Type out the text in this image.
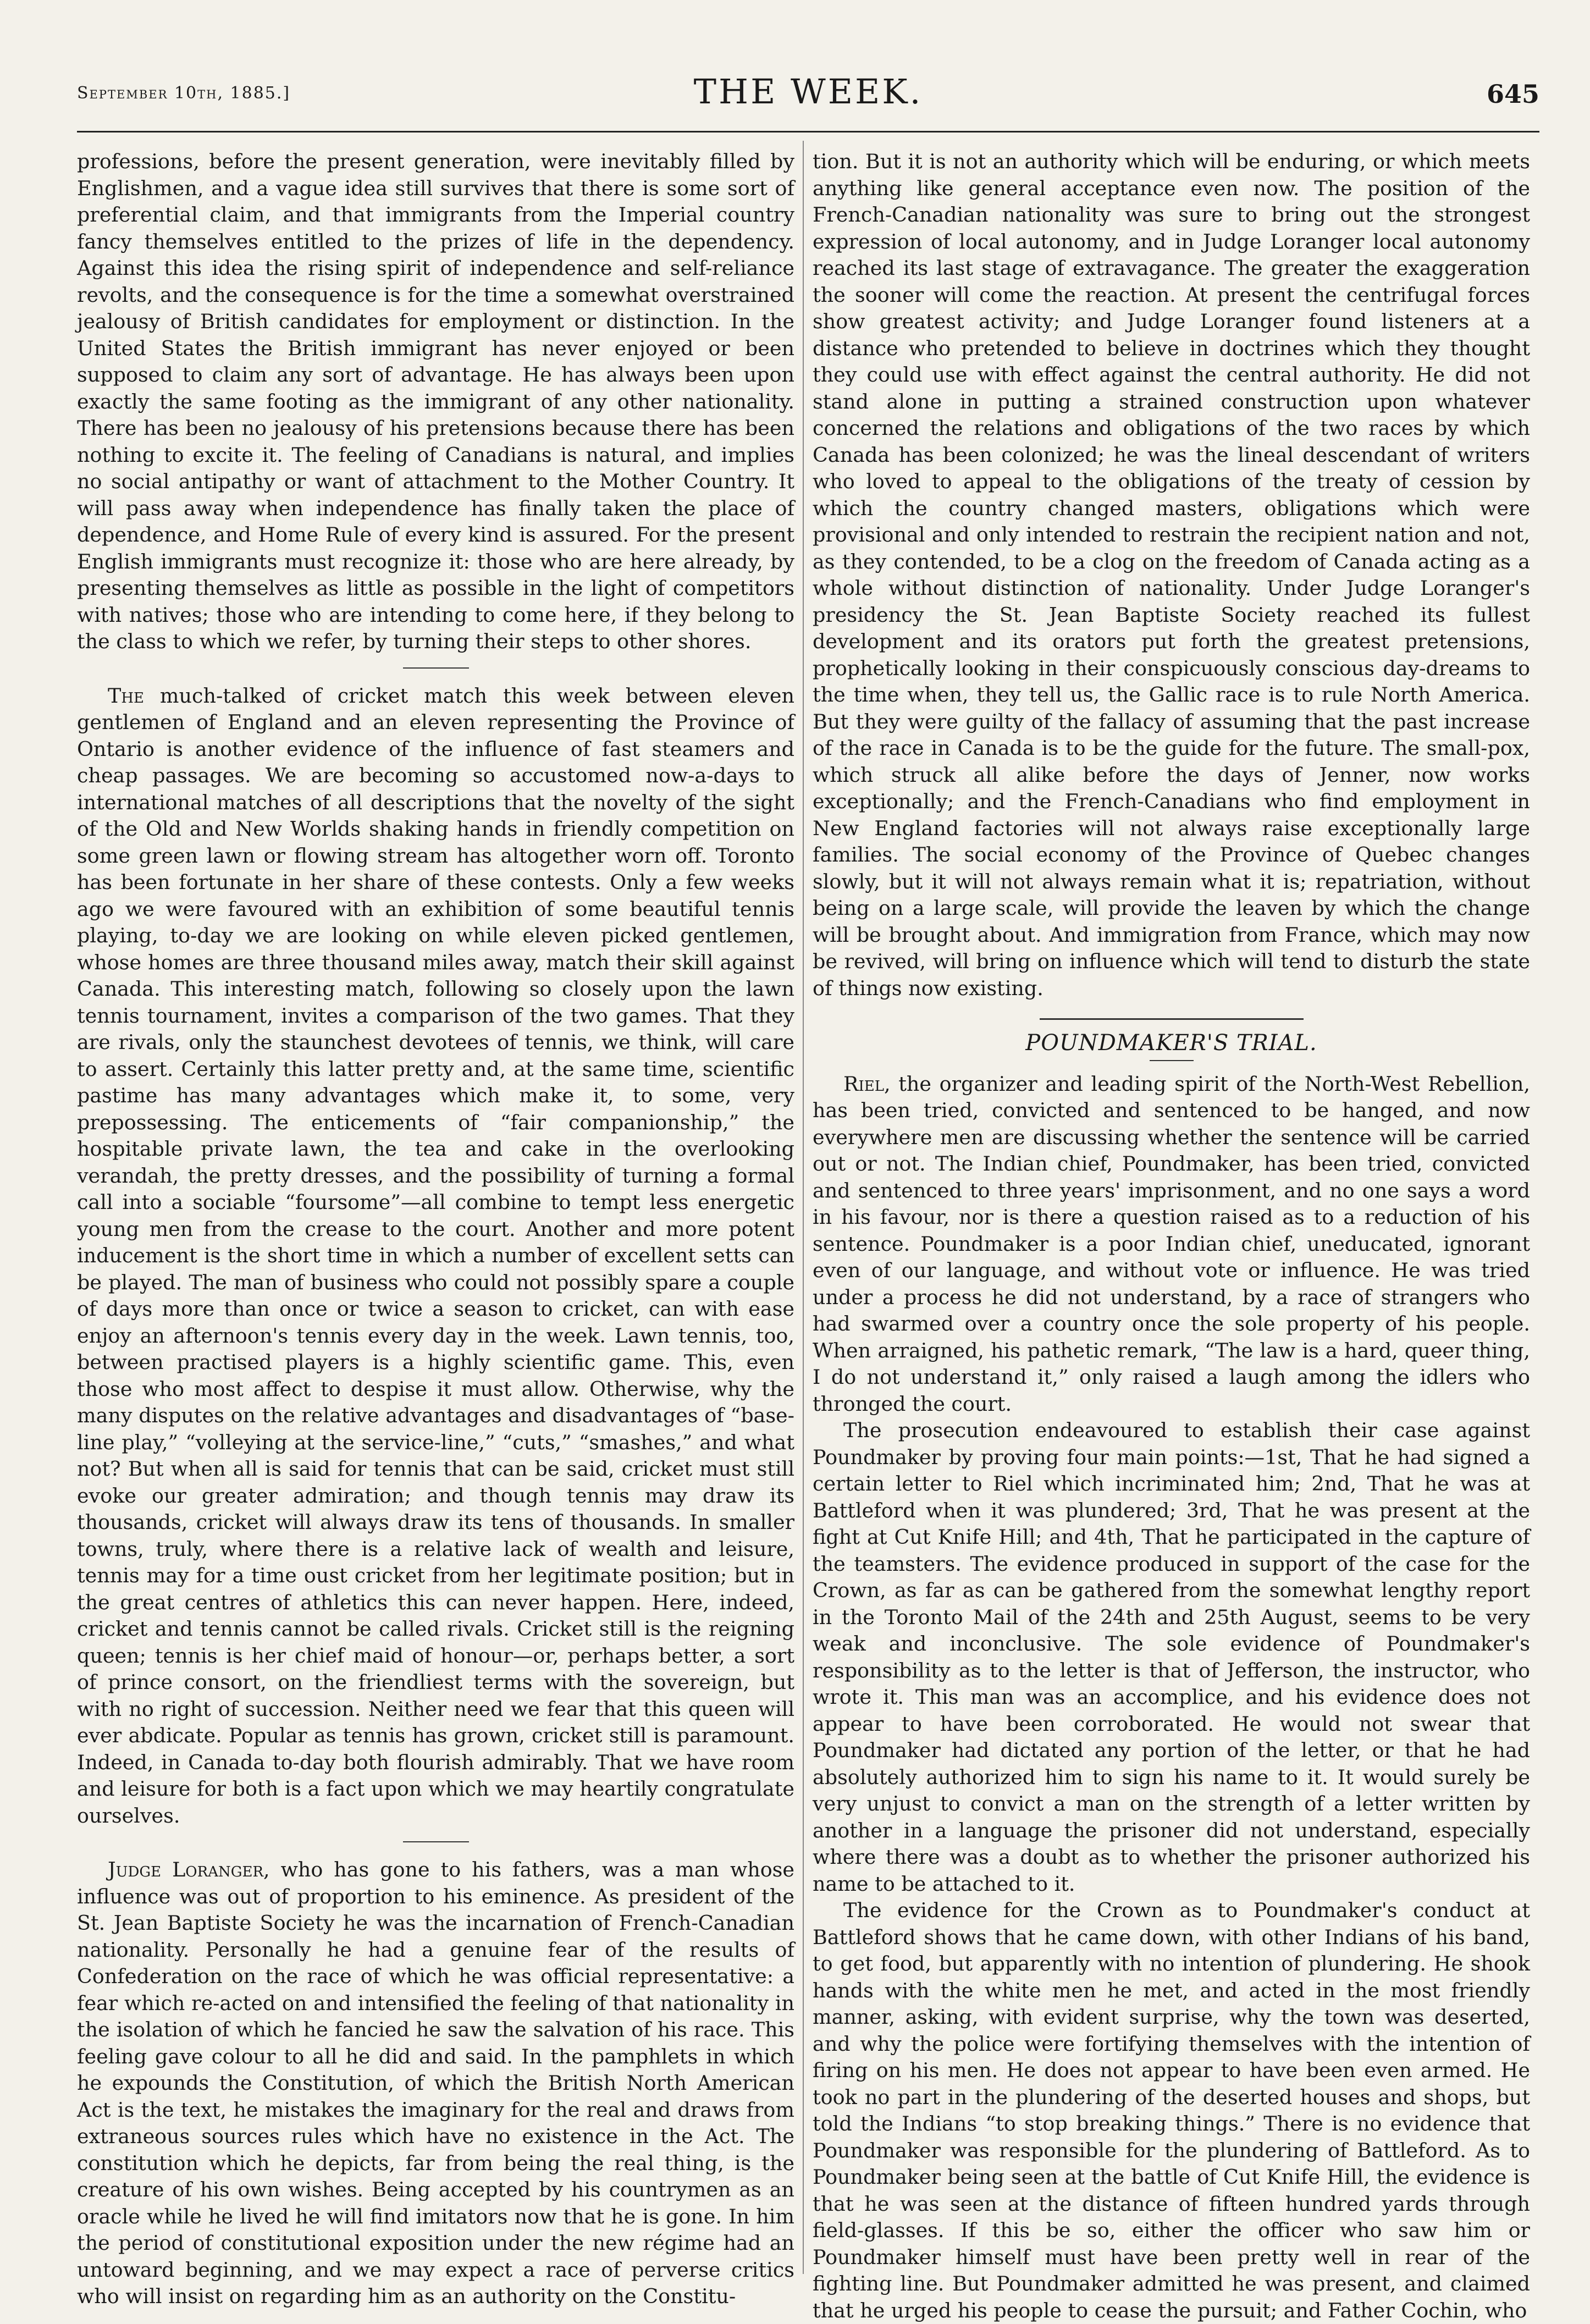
September 10th, 1885.]	THE WEEK.	645

professions, before the present generation, were inevitably filled by Englishmen, and a vague idea still survives that there is some sort of preferential claim, and that immigrants from the Imperial country fancy themselves entitled to the prizes of life in the dependency. Against this idea the rising spirit of independence and self-reliance revolts, and the consequence is for the time a somewhat overstrained jealousy of British candidates for employment or distinction. In the United States the British immigrant has never enjoyed or been supposed to claim any sort of advantage. He has always been upon exactly the same footing as the immigrant of any other nationality. There has been no jealousy of his pretensions because there has been nothing to excite it. The feeling of Canadians is natural, and implies no social antipathy or want of attachment to the Mother Country. It will pass away when independence has finally taken the place of dependence, and Home Rule of every kind is assured. For the present English immigrants must recognize it: those who are here already, by presenting themselves as little as possible in the light of competitors with natives; those who are intending to come here, if they belong to the class to which we refer, by turning their steps to other shores.

The much-talked of cricket match this week between eleven gentlemen of England and an eleven representing the Province of Ontario is another evidence of the influence of fast steamers and cheap passages. We are becoming so accustomed now-a-days to international matches of all descriptions that the novelty of the sight of the Old and New Worlds shaking hands in friendly competition on some green lawn or flowing stream has altogether worn off. Toronto has been fortunate in her share of these contests. Only a few weeks ago we were favoured with an exhibition of some beautiful tennis playing, to-day we are looking on while eleven picked gentlemen, whose homes are three thousand miles away, match their skill against Canada. This interesting match, following so closely upon the lawn tennis tournament, invites a comparison of the two games. That they are rivals, only the staunchest devotees of tennis, we think, will care to assert. Certainly this latter pretty and, at the same time, scientific pastime has many advantages which make it, to some, very prepossessing. The enticements of “fair companionship,” the hospitable private lawn, the tea and cake in the overlooking verandah, the pretty dresses, and the possibility of turning a formal call into a sociable “foursome”—all combine to tempt less energetic young men from the crease to the court. Another and more potent inducement is the short time in which a number of excellent setts can be played. The man of business who could not possibly spare a couple of days more than once or twice a season to cricket, can with ease enjoy an afternoon's tennis every day in the week. Lawn tennis, too, between practised players is a highly scientific game. This, even those who most affect to despise it must allow. Otherwise, why the many disputes on the relative advantages and disadvantages of “base-line play,” “volleying at the service-line,” “cuts,” “smashes,” and what not? But when all is said for tennis that can be said, cricket must still evoke our greater admiration; and though tennis may draw its thousands, cricket will always draw its tens of thousands. In smaller towns, truly, where there is a relative lack of wealth and leisure, tennis may for a time oust cricket from her legitimate position; but in the great centres of athletics this can never happen. Here, indeed, cricket and tennis cannot be called rivals. Cricket still is the reigning queen; tennis is her chief maid of honour—or, perhaps better, a sort of prince consort, on the friendliest terms with the sovereign, but with no right of succession. Neither need we fear that this queen will ever abdicate. Popular as tennis has grown, cricket still is paramount. Indeed, in Canada to-day both flourish admirably. That we have room and leisure for both is a fact upon which we may heartily congratulate ourselves.

Judge Loranger, who has gone to his fathers, was a man whose influence was out of proportion to his eminence. As president of the St. Jean Baptiste Society he was the incarnation of French-Canadian nationality. Personally he had a genuine fear of the results of Confederation on the race of which he was official representative: a fear which re-acted on and intensified the feeling of that nationality in the isolation of which he fancied he saw the salvation of his race. This feeling gave colour to all he did and said. In the pamphlets in which he expounds the Constitution, of which the British North American Act is the text, he mistakes the imaginary for the real and draws from extraneous sources rules which have no existence in the Act. The constitution which he depicts, far from being the real thing, is the creature of his own wishes. Being accepted by his countrymen as an oracle while he lived he will find imitators now that he is gone. In him the period of constitutional exposition under the new régime had an untoward beginning, and we may expect a race of perverse critics who will insist on regarding him as an authority on the Constitu-

tion. But it is not an authority which will be enduring, or which meets anything like general acceptance even now. The position of the French-Canadian nationality was sure to bring out the strongest expression of local autonomy, and in Judge Loranger local autonomy reached its last stage of extravagance. The greater the exaggeration the sooner will come the reaction. At present the centrifugal forces show greatest activity; and Judge Loranger found listeners at a distance who pretended to believe in doctrines which they thought they could use with effect against the central authority. He did not stand alone in putting a strained construction upon whatever concerned the relations and obligations of the two races by which Canada has been colonized; he was the lineal descendant of writers who loved to appeal to the obligations of the treaty of cession by which the country changed masters, obligations which were provisional and only intended to restrain the recipient nation and not, as they contended, to be a clog on the freedom of Canada acting as a whole without distinction of nationality. Under Judge Loranger's presidency the St. Jean Baptiste Society reached its fullest development and its orators put forth the greatest pretensions, prophetically looking in their conspicuously conscious day-dreams to the time when, they tell us, the Gallic race is to rule North America. But they were guilty of the fallacy of assuming that the past increase of the race in Canada is to be the guide for the future. The small-pox, which struck all alike before the days of Jenner, now works exceptionally; and the French-Canadians who find employment in New England factories will not always raise exceptionally large families. The social economy of the Province of Quebec changes slowly, but it will not always remain what it is; repatriation, without being on a large scale, will provide the leaven by which the change will be brought about. And immigration from France, which may now be revived, will bring on influence which will tend to disturb the state of things now existing.

POUNDMAKER'S TRIAL.

Riel, the organizer and leading spirit of the North-West Rebellion, has been tried, convicted and sentenced to be hanged, and now everywhere men are discussing whether the sentence will be carried out or not. The Indian chief, Poundmaker, has been tried, convicted and sentenced to three years' imprisonment, and no one says a word in his favour, nor is there a question raised as to a reduction of his sentence. Poundmaker is a poor Indian chief, uneducated, ignorant even of our language, and without vote or influence. He was tried under a process he did not understand, by a race of strangers who had swarmed over a country once the sole property of his people. When arraigned, his pathetic remark, “The law is a hard, queer thing, I do not understand it,” only raised a laugh among the idlers who thronged the court.

The prosecution endeavoured to establish their case against Poundmaker by proving four main points:—1st, That he had signed a certain letter to Riel which incriminated him; 2nd, That he was at Battleford when it was plundered; 3rd, That he was present at the fight at Cut Knife Hill; and 4th, That he participated in the capture of the teamsters. The evidence produced in support of the case for the Crown, as far as can be gathered from the somewhat lengthy report in the Toronto Mail of the 24th and 25th August, seems to be very weak and inconclusive. The sole evidence of Poundmaker's responsibility as to the letter is that of Jefferson, the instructor, who wrote it. This man was an accomplice, and his evidence does not appear to have been corroborated. He would not swear that Poundmaker had dictated any portion of the letter, or that he had absolutely authorized him to sign his name to it. It would surely be very unjust to convict a man on the strength of a letter written by another in a language the prisoner did not understand, especially where there was a doubt as to whether the prisoner authorized his name to be attached to it.

The evidence for the Crown as to Poundmaker's conduct at Battleford shows that he came down, with other Indians of his band, to get food, but apparently with no intention of plundering. He shook hands with the white men he met, and acted in the most friendly manner, asking, with evident surprise, why the town was deserted, and why the police were fortifying themselves with the intention of firing on his men. He does not appear to have been even armed. He took no part in the plundering of the deserted houses and shops, but told the Indians “to stop breaking things.” There is no evidence that Poundmaker was responsible for the plundering of Battleford. As to Poundmaker being seen at the battle of Cut Knife Hill, the evidence is that he was seen at the distance of fifteen hundred yards through field-glasses. If this be so, either the officer who saw him or Poundmaker himself must have been pretty well in rear of the fighting line. But Poundmaker admitted he was present, and claimed that he urged his people to cease the pursuit; and Father Cochin, who
